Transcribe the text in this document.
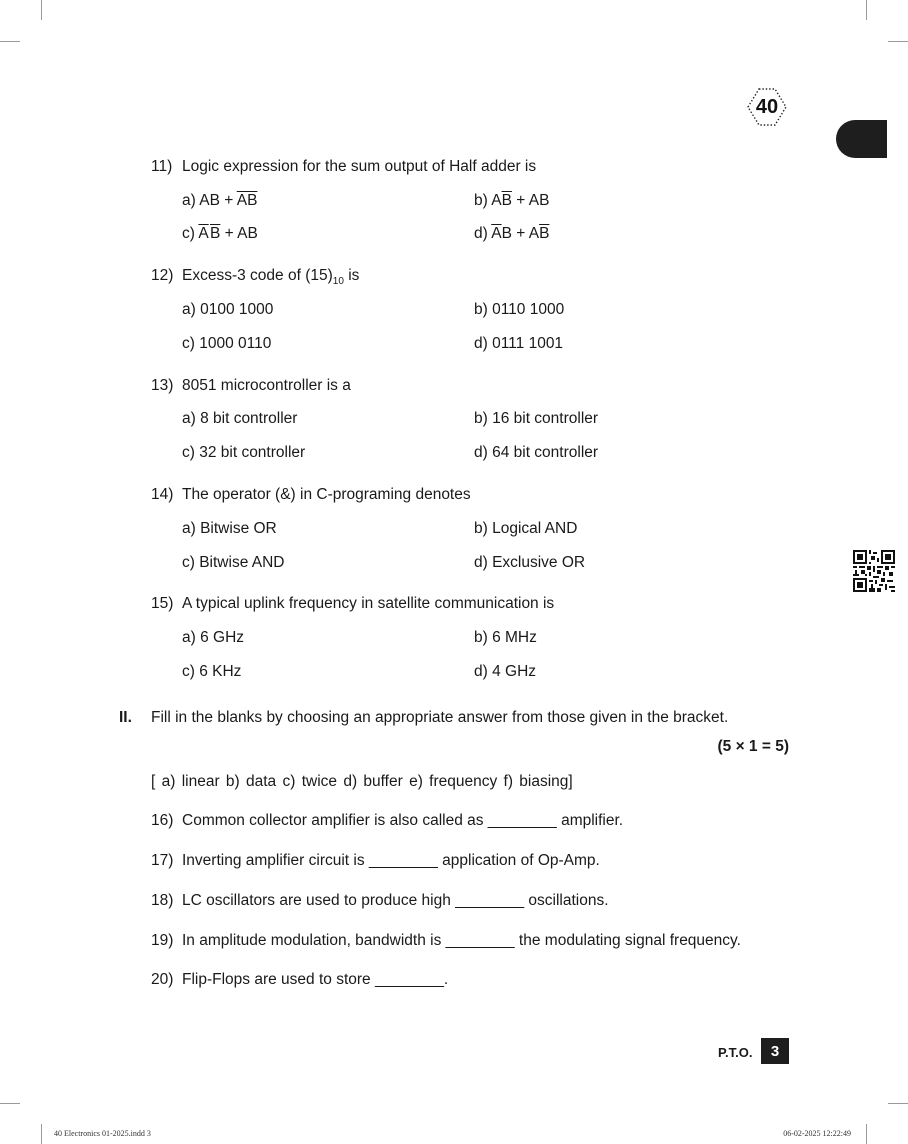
40
11) Logic expression for the sum output of Half adder is
a) AB + $\overline{AB}$	b) $A\overline{B}$ + AB
c) $\overline{A}$ $\overline{B}$ + AB	d) $\overline{A}B + A\overline{B}$
12) Excess-3 code of $(15)_{10}$ is
a) 0100 1000	b) 0110 1000
c) 1000 0110	d) 0111 1001
13) 8051 microcontroller is a
a) 8 bit controller	b) 16 bit controller
c) 32 bit controller	d) 64 bit controller
14) The operator (&) in C-programing denotes
a) Bitwise OR	b) Logical AND
c) Bitwise AND	d) Exclusive OR
15) A typical uplink frequency in satellite communication is
a) 6 GHz	b) 6 MHz
c) 6 KHz	d) 4 GHz
II. Fill in the blanks by choosing an appropriate answer from those given in the bracket.
(5 × 1 = 5)
[ a) linear b) data c) twice d) buffer e) frequency f) biasing]
16) Common collector amplifier is also called as ________ amplifier.
17) Inverting amplifier circuit is ________ application of Op-Amp.
18) LC oscillators are used to produce high ________ oscillations.
19) In amplitude modulation, bandwidth is ________ the modulating signal frequency.
20) Flip-Flops are used to store ________.
P.T.O.	3
40 Electronics 01-2025.indd 3	06-02-2025 12:22:49
